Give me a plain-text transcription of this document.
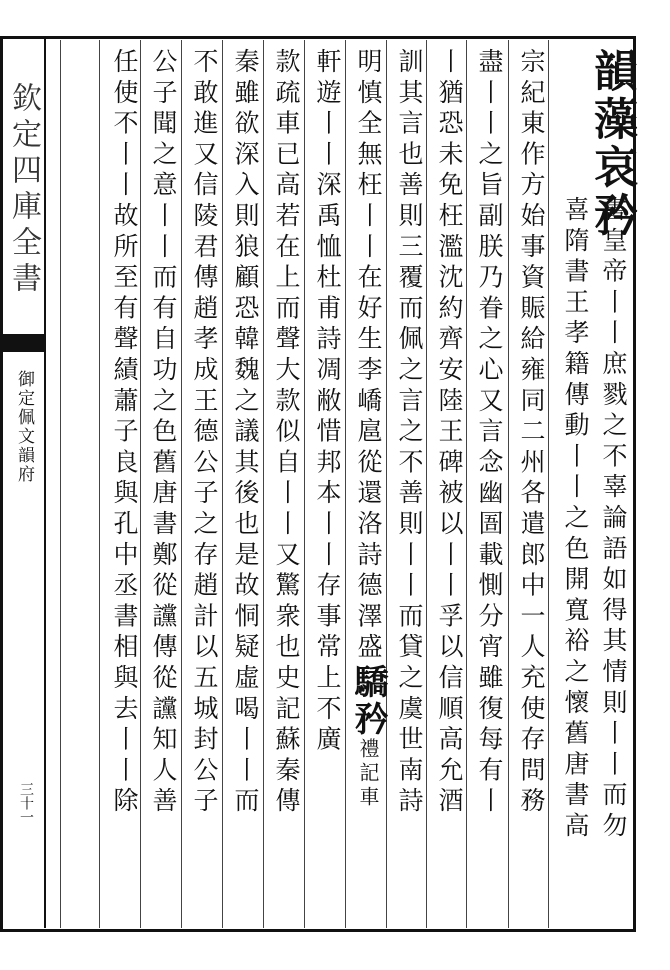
欽定四庫全書
御定佩文韻府
三十一
韻藻哀矜
書皇帝丨丨庶戮之不辜論語如得其情則丨丨而勿
喜隋書王孝籍傳動丨丨之色開寬裕之懷舊唐書高
宗紀東作方始事資賑給雍同二州各遣郎中一人充使存問務
盡丨丨之旨副朕乃眷之心又言念幽圄載惻分宵雖復每有丨
丨猶恐未免枉濫沈約齊安陸王碑被以丨丨孚以信順高允酒
訓其言也善則三覆而佩之言之不善則丨丨而貸之虞世南詩
明慎全無枉丨丨在好生李嶠扈從還洛詩德澤盛驕矜禮記車
軒遊丨丨深禹恤杜甫詩凋敝惜邦本丨丨存事常上不廣
款疏車已高若在上而聲大款似自丨丨又驚衆也史記蘇秦傳
秦雖欲深入則狼顧恐韓魏之議其後也是故恫疑虛喝丨丨而
不敢進又信陵君傳趙孝成王德公子之存趙計以五城封公子
公子聞之意丨丨而有自功之色舊唐書鄭從讜傳從讜知人善
任使不丨丨故所至有聲績蕭子良與孔中丞書相與去丨丨除
